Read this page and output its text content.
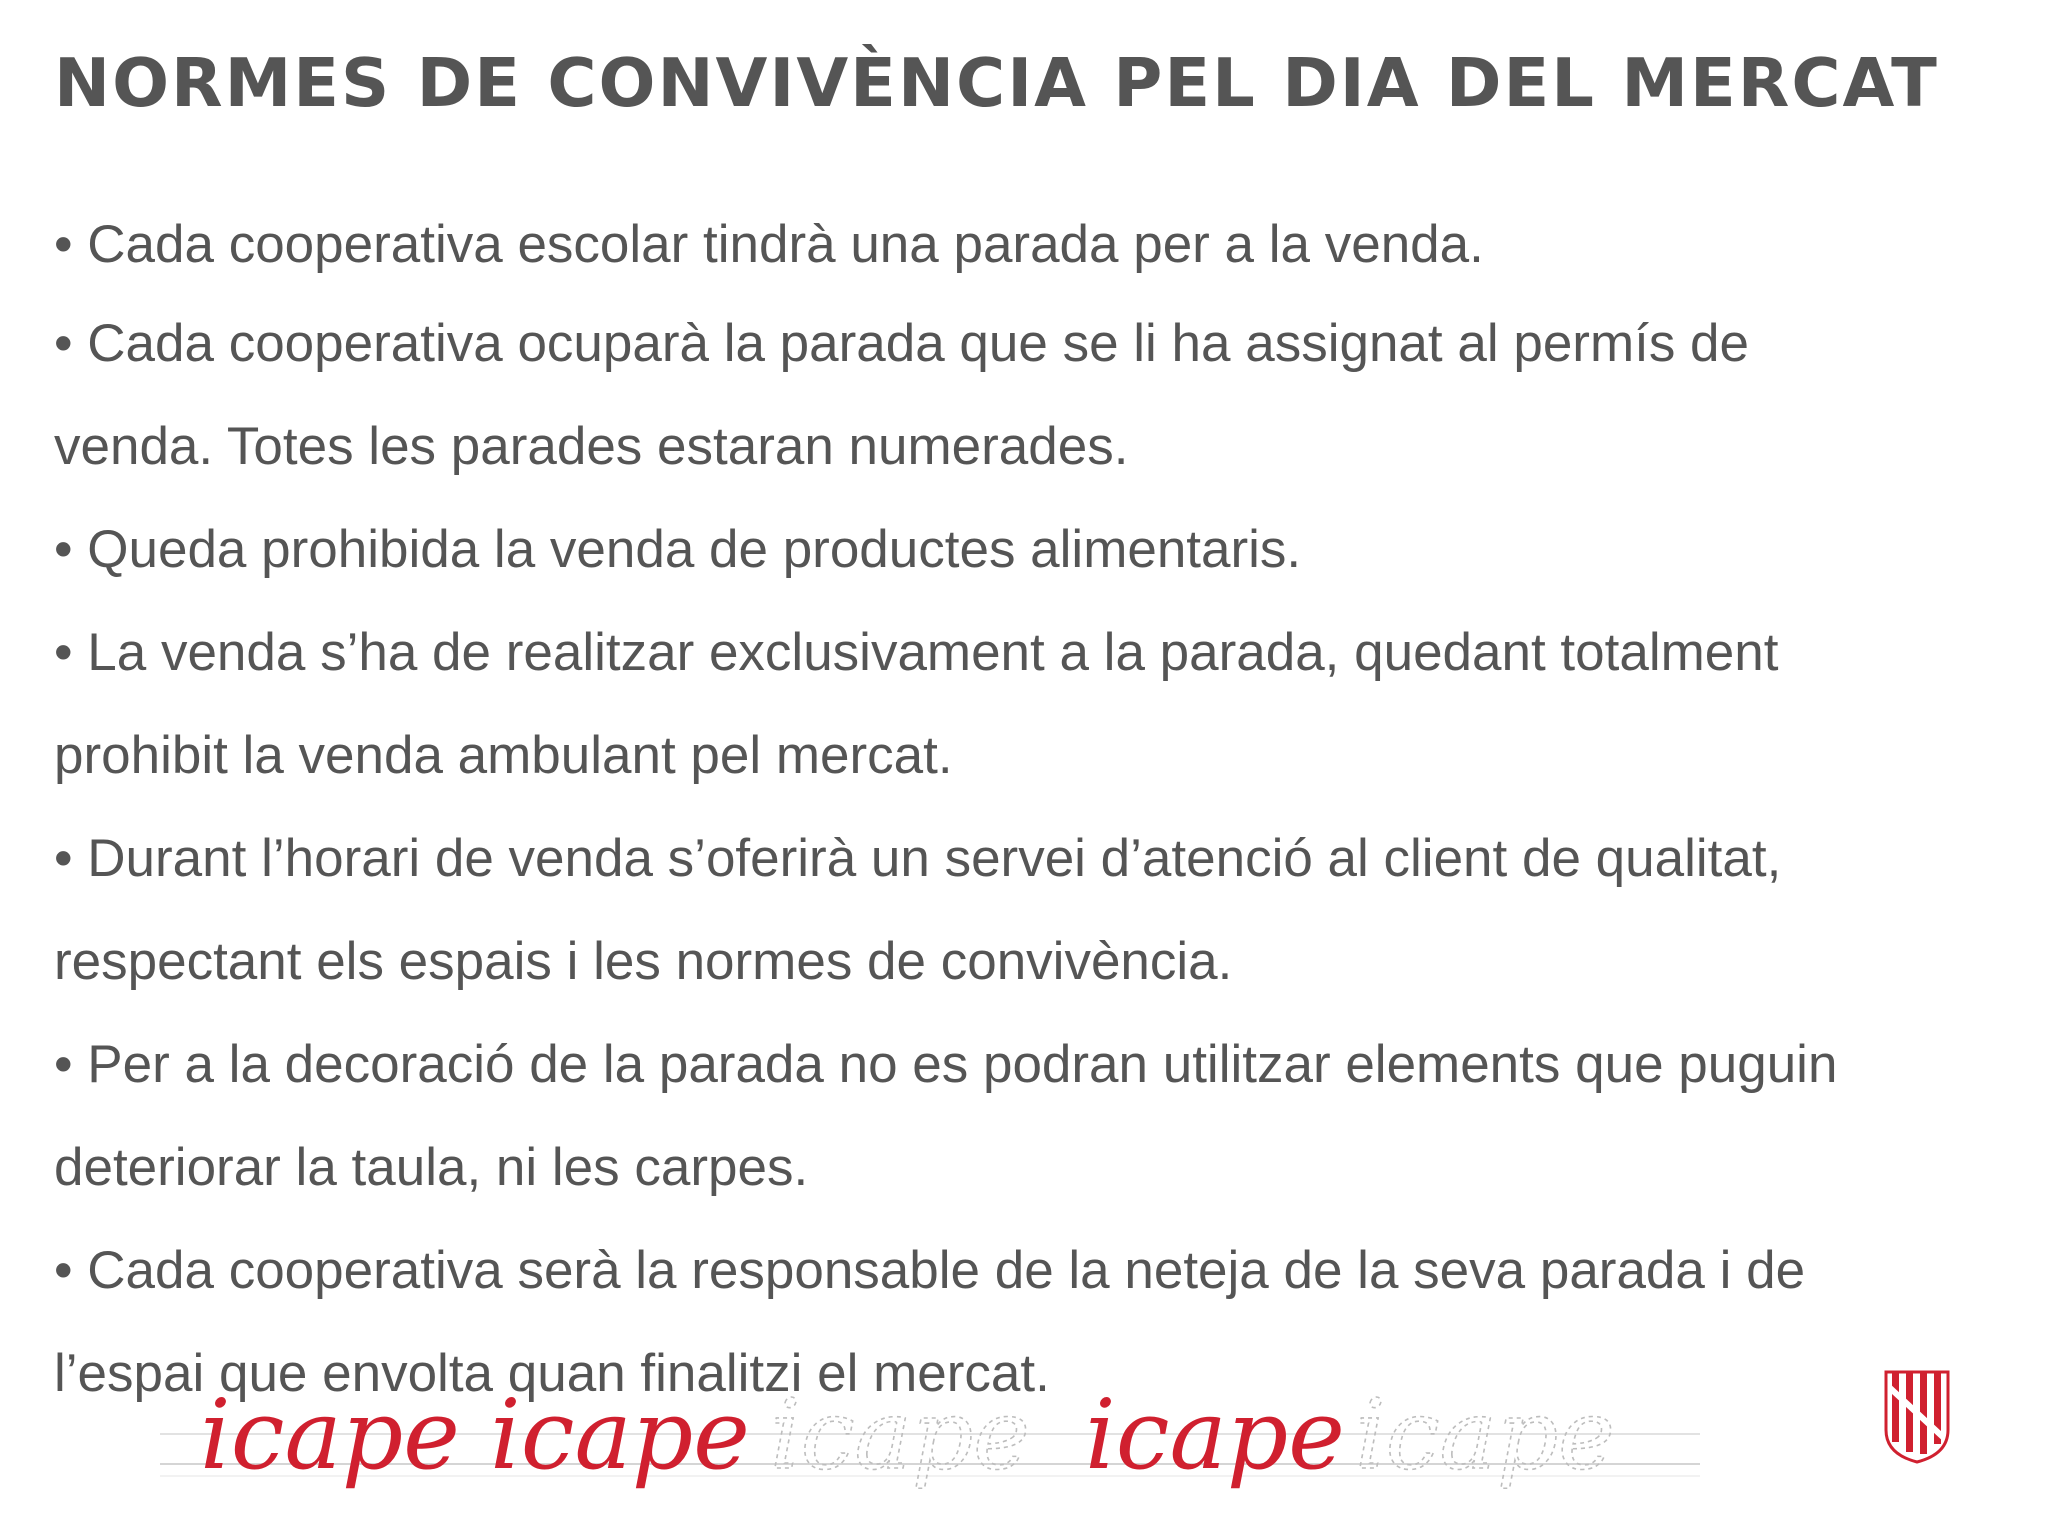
NORMES DE CONVIVÈNCIA PEL DIA DEL MERCAT

• Cada cooperativa escolar tindrà una parada per a la venda.

• Cada cooperativa ocuparà la parada que se li ha assignat al permís de

venda. Totes les parades estaran numerades.

• Queda prohibida la venda de productes alimentaris.

• La venda s’ha de realitzar exclusivament a la parada, quedant totalment

prohibit la venda ambulant pel mercat.

• Durant l’horari de venda s’oferirà un servei d’atenció al client de qualitat,

respectant els espais i les normes de convivència.

• Per a la decoració de la parada no es podran utilitzar elements que puguin

deteriorar la taula, ni les carpes.

• Cada cooperativa serà la responsable de la neteja de la seva parada i de

l’espai que envolta quan finalitzi el mercat.

icape icape icape icape icape
